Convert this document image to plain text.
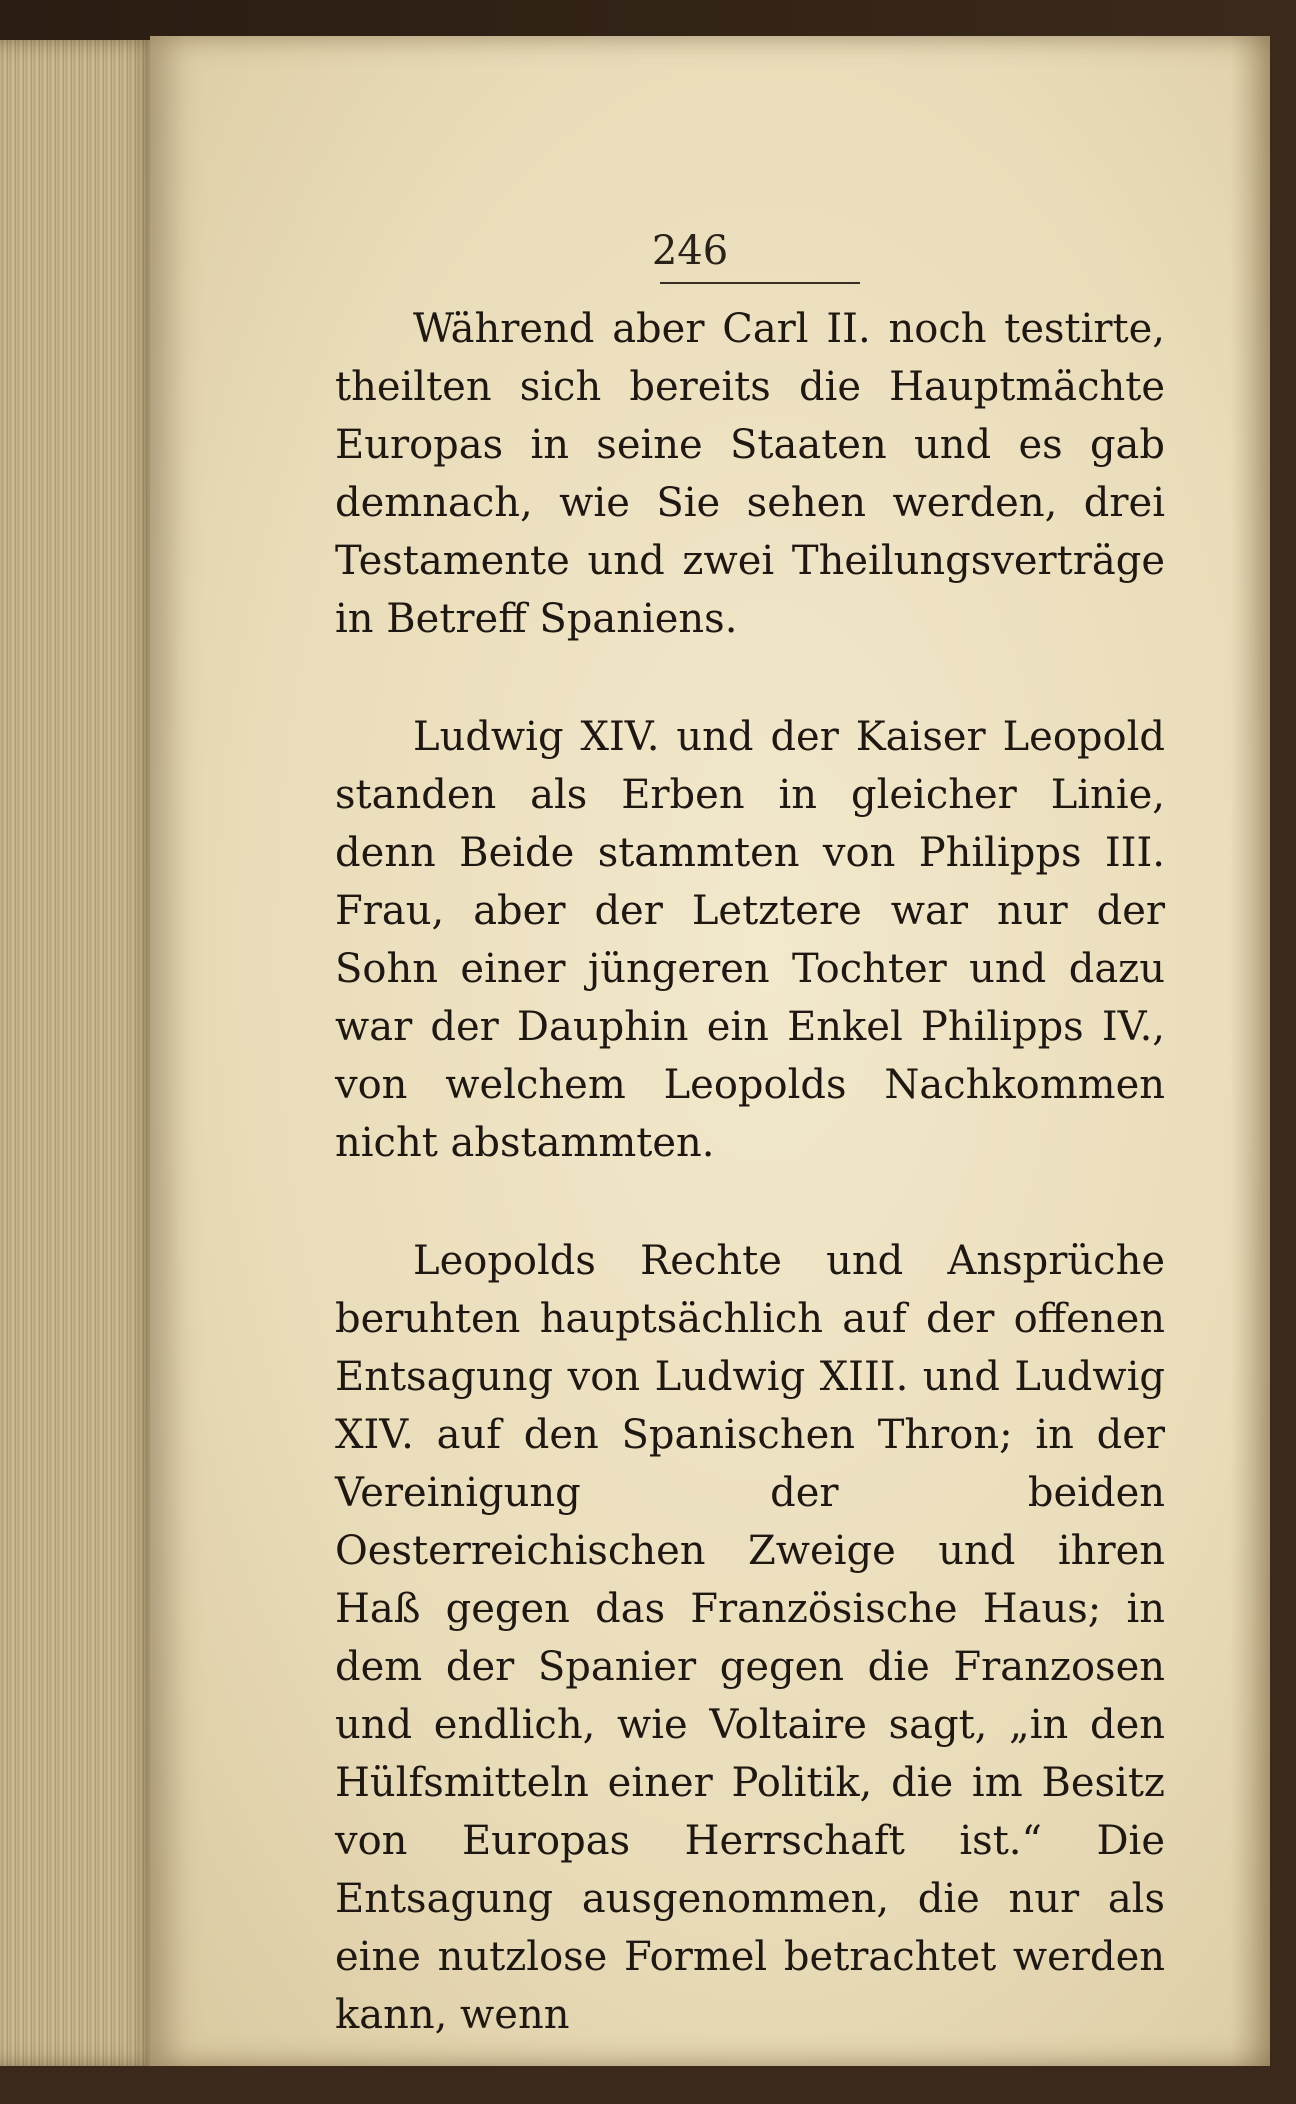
246

Während aber Carl II. noch testirte, theilten sich bereits die Hauptmächte Europas in seine Staaten und es gab demnach, wie Sie sehen werden, drei Testamente und zwei Theilungsverträge in Betreff Spaniens.

Ludwig XIV. und der Kaiser Leopold standen als Erben in gleicher Linie, denn Beide stammten von Philipps III. Frau, aber der Letztere war nur der Sohn einer jüngeren Tochter und dazu war der Dauphin ein Enkel Philipps IV., von welchem Leopolds Nachkommen nicht abstammten.

Leopolds Rechte und Ansprüche beruhten hauptsächlich auf der offenen Entsagung von Ludwig XIII. und Ludwig XIV. auf den Spanischen Thron; in der Vereinigung der beiden Oesterreichischen Zweige und ihren Haß gegen das Französische Haus; in dem der Spanier gegen die Franzosen und endlich, wie Voltaire sagt, „in den Hülfsmitteln einer Politik, die im Besitz von Europas Herrschaft ist.“ Die Entsagung ausgenommen, die nur als eine nutzlose Formel betrachtet werden kann, wenn
